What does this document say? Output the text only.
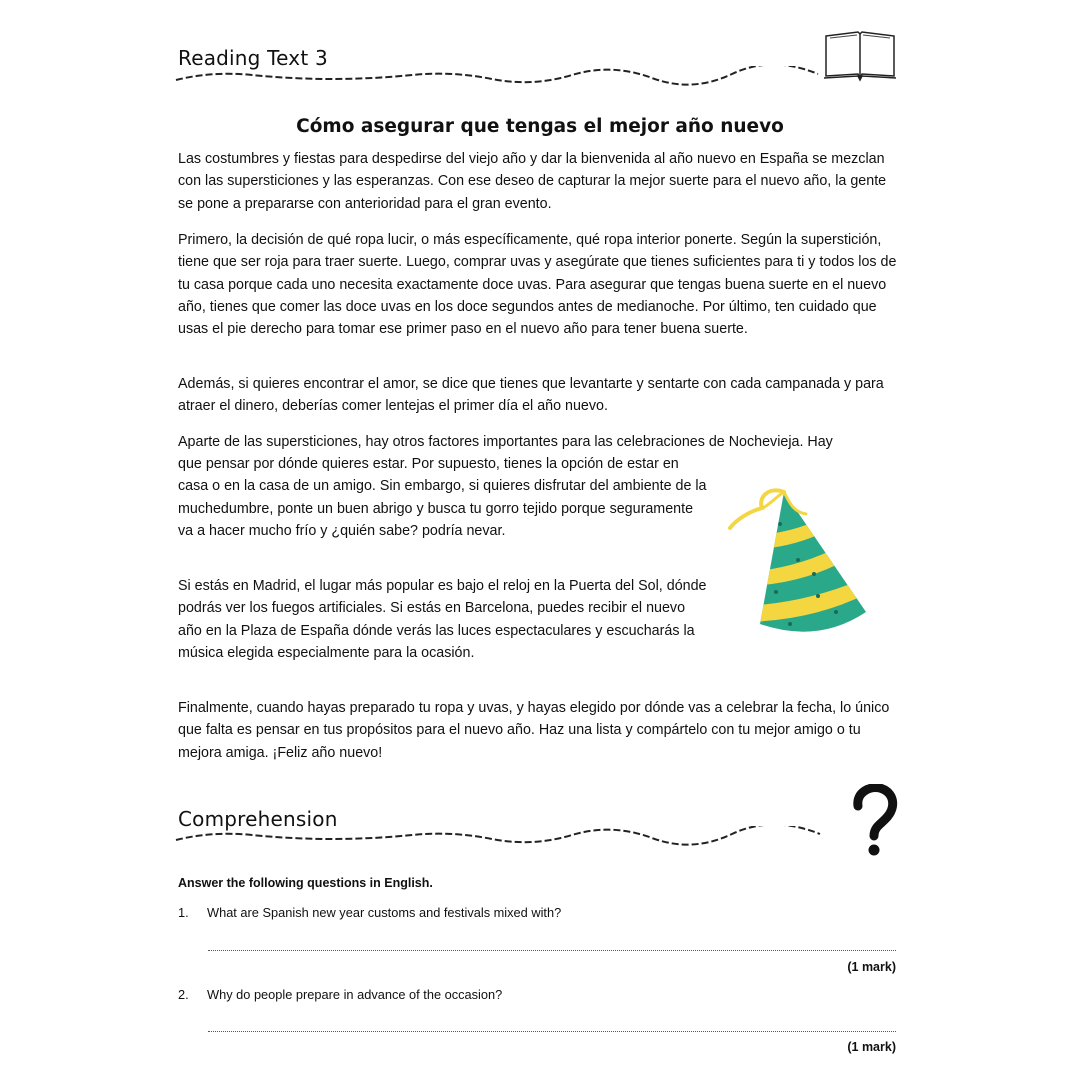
Reading Text 3
Cómo asegurar que tengas el mejor año nuevo

Las costumbres y fiestas para despedirse del viejo año y dar la bienvenida al año nuevo en España se mezclan con las supersticiones y las esperanzas. Con ese deseo de capturar la mejor suerte para el nuevo año, la gente se pone a prepararse con anterioridad para el gran evento.

Primero, la decisión de qué ropa lucir, o más específicamente, qué ropa interior ponerte. Según la superstición, tiene que ser roja para traer suerte. Luego, comprar uvas y asegúrate que tienes suficientes para ti y todos los de tu casa porque cada uno necesita exactamente doce uvas. Para asegurar que tengas buena suerte en el nuevo año, tienes que comer las doce uvas en los doce segundos antes de medianoche. Por último, ten cuidado que usas el pie derecho para tomar ese primer paso en el nuevo año para tener buena suerte.

Además, si quieres encontrar el amor, se dice que tienes que levantarte y sentarte con cada campanada y para atraer el dinero, deberías comer lentejas el primer día el año nuevo.

Aparte de las supersticiones, hay otros factores importantes para las celebraciones de Nochevieja. Hay

que pensar por dónde quieres estar. Por supuesto, tienes la opción de estar en casa o en la casa de un amigo. Sin embargo, si quieres disfrutar del ambiente de la muchedumbre, ponte un buen abrigo y busca tu gorro tejido porque seguramente va a hacer mucho frío y ¿quién sabe? podría nevar.

Si estás en Madrid, el lugar más popular es bajo el reloj en la Puerta del Sol, dónde podrás ver los fuegos artificiales. Si estás en Barcelona, puedes recibir el nuevo año en la Plaza de España dónde verás las luces espectaculares y escucharás la música elegida especialmente para la ocasión.

Finalmente, cuando hayas preparado tu ropa y uvas, y hayas elegido por dónde vas a celebrar la fecha, lo único que falta es pensar en tus propósitos para el nuevo año. Haz una lista y compártelo con tu mejor amigo o tu mejora amiga. ¡Feliz año nuevo!

Comprehension
Answer the following questions in English.
1. What are Spanish new year customs and festivals mixed with?
(1 mark)
2. Why do people prepare in advance of the occasion?
(1 mark)
